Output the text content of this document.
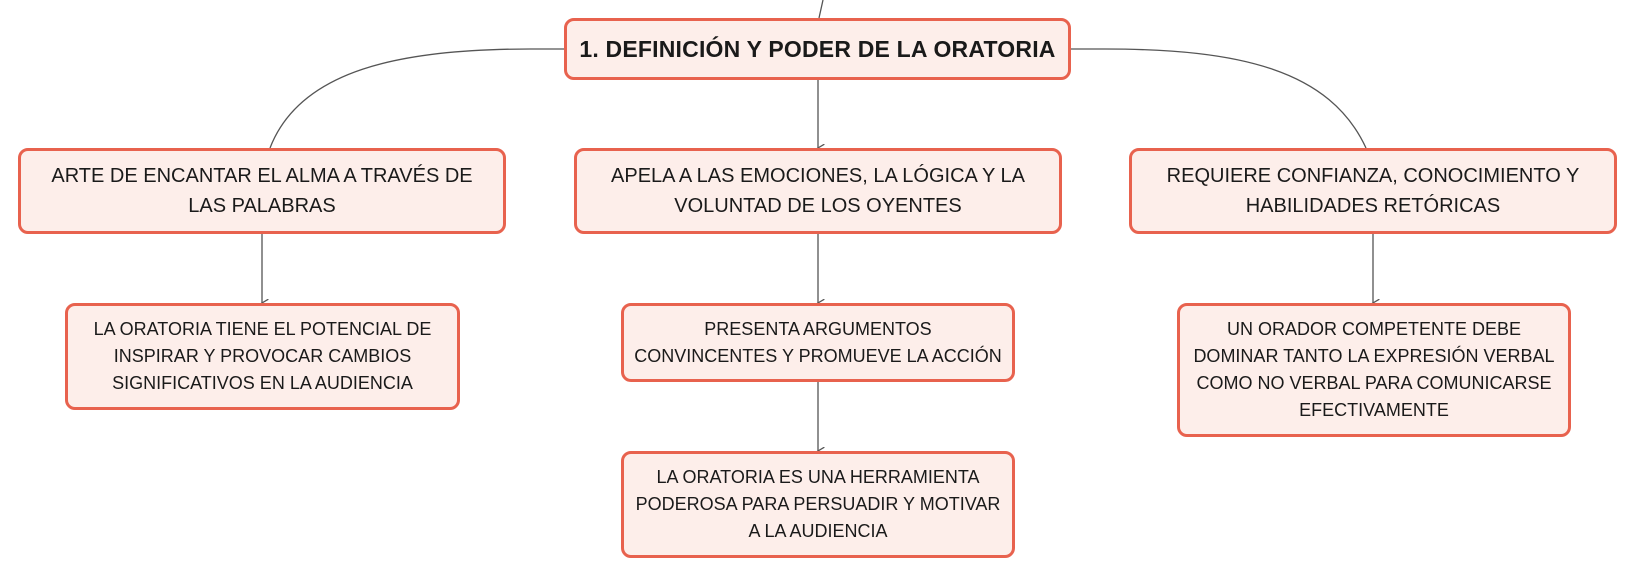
1. DEFINICIÓN Y PODER DE LA ORATORIA
ARTE DE ENCANTAR EL ALMA A TRAVÉS DE LAS PALABRAS
APELA A LAS EMOCIONES, LA LÓGICA Y LA VOLUNTAD DE LOS OYENTES
REQUIERE CONFIANZA, CONOCIMIENTO Y HABILIDADES RETÓRICAS
LA ORATORIA TIENE EL POTENCIAL DE INSPIRAR Y PROVOCAR CAMBIOS SIGNIFICATIVOS EN LA AUDIENCIA
PRESENTA ARGUMENTOS CONVINCENTES Y PROMUEVE LA ACCIÓN
LA ORATORIA ES UNA HERRAMIENTA PODEROSA PARA PERSUADIR Y MOTIVAR A LA AUDIENCIA
UN ORADOR COMPETENTE DEBE DOMINAR TANTO LA EXPRESIÓN VERBAL COMO NO VERBAL PARA COMUNICARSE EFECTIVAMENTE
